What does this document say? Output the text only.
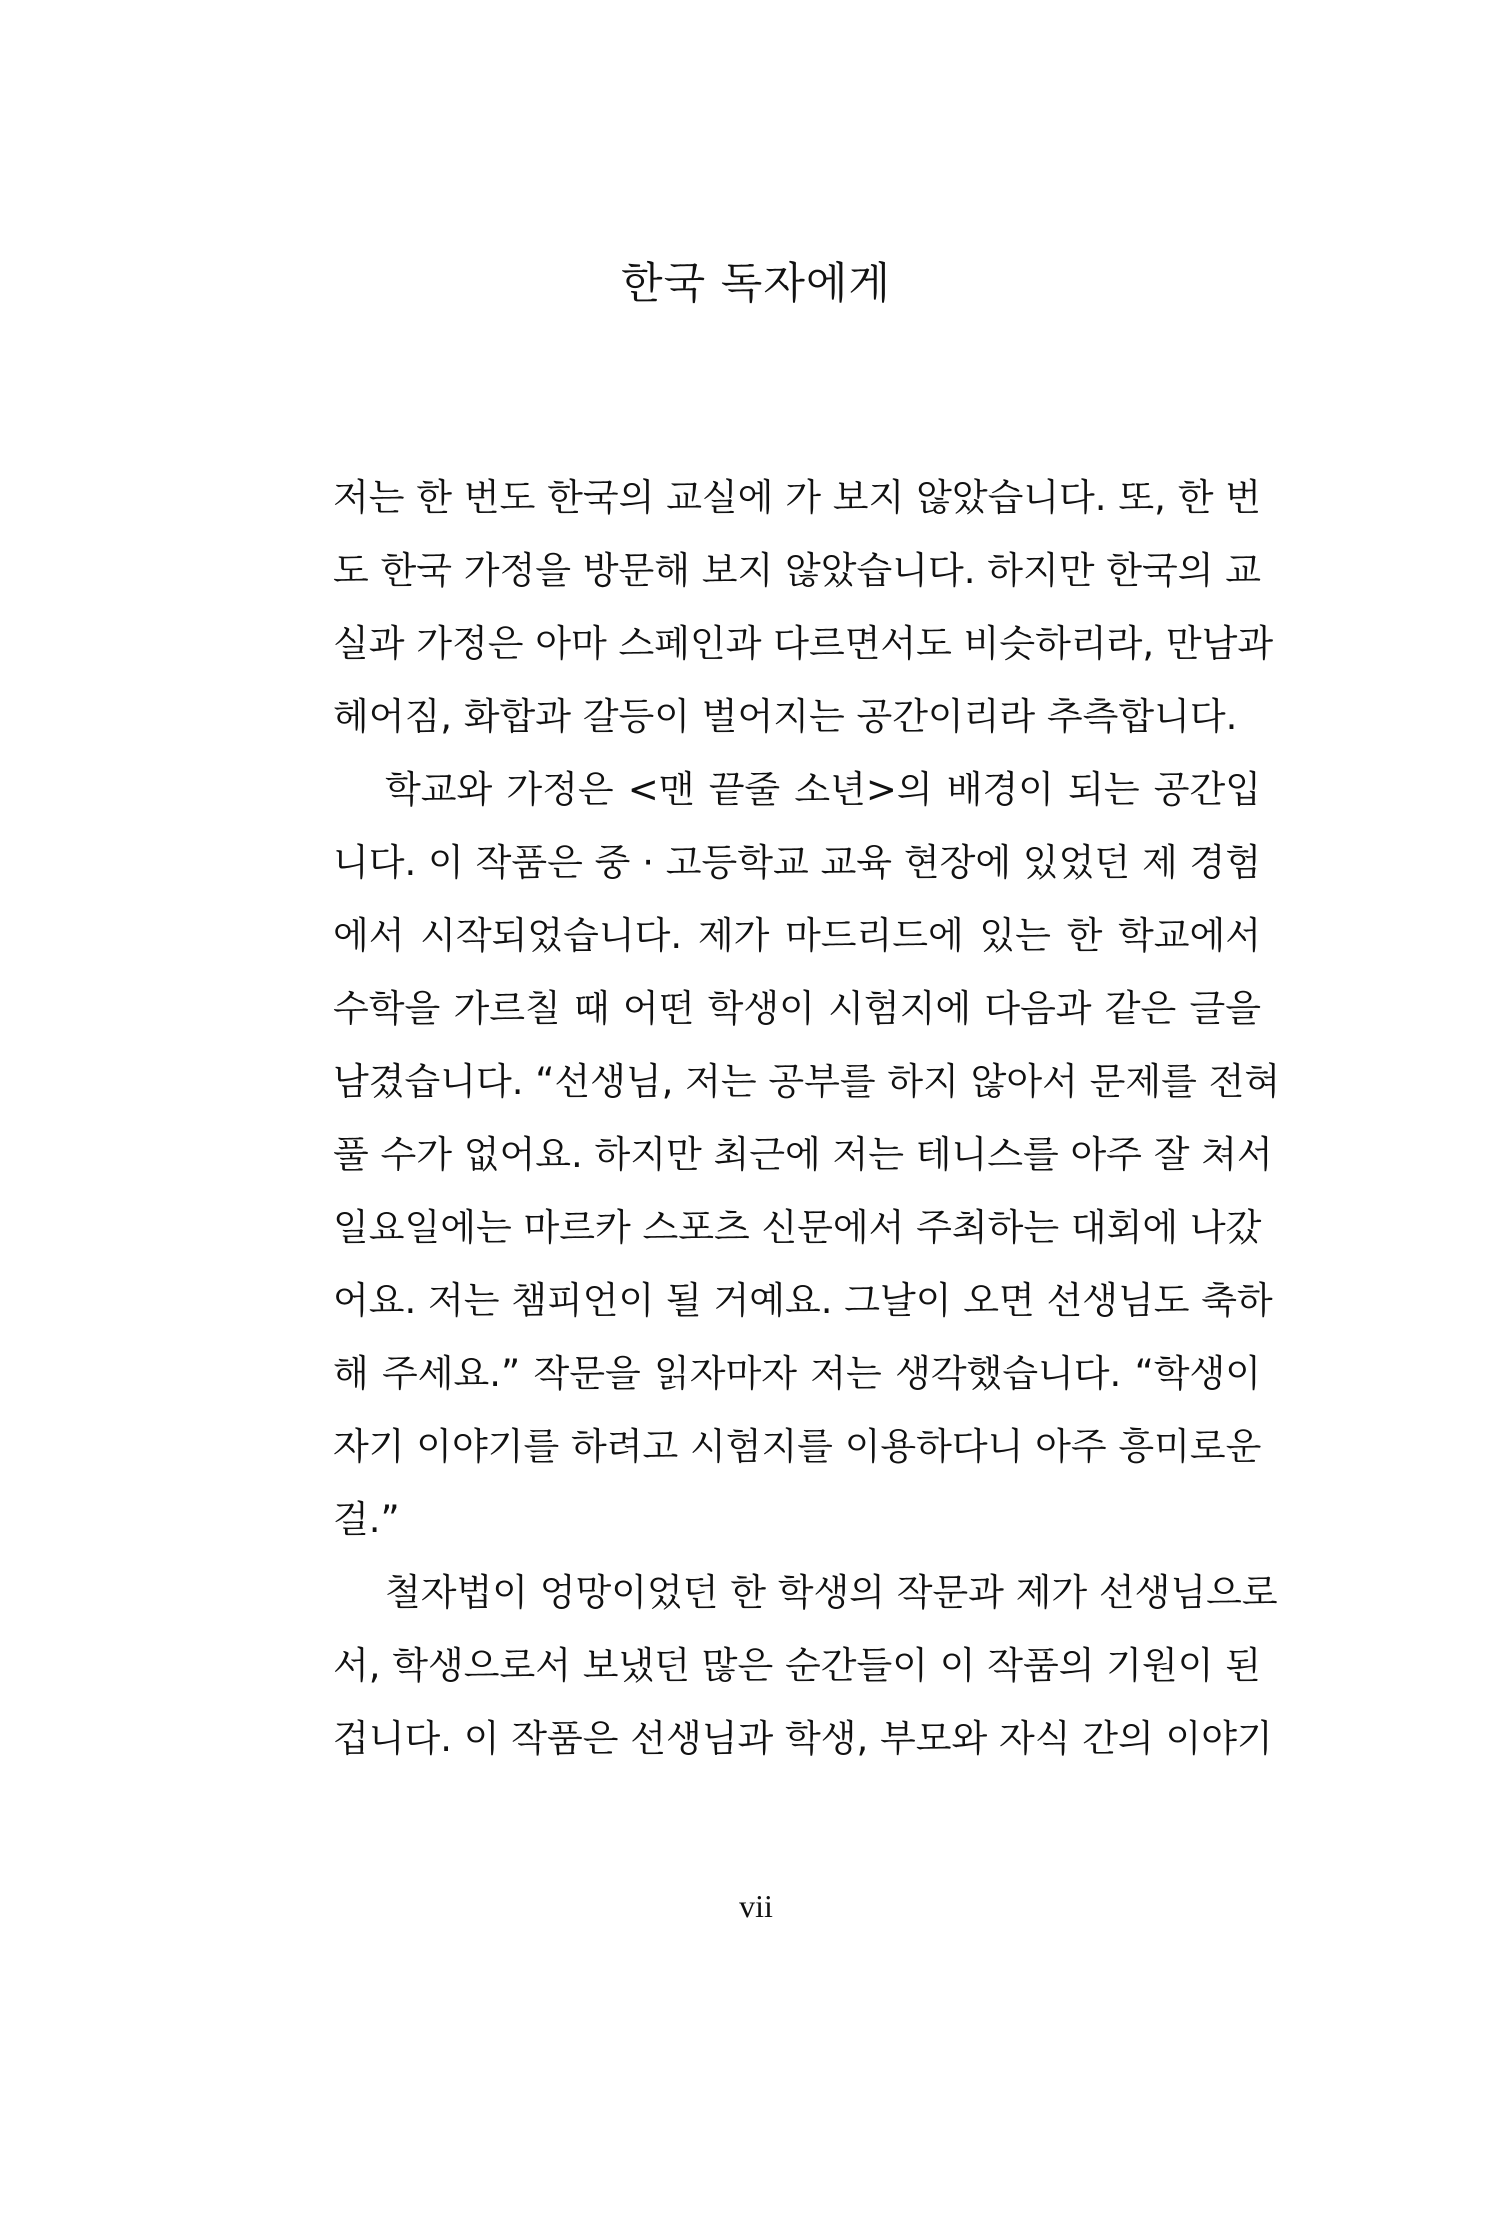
한국 독자에게
저는 한 번도 한국의 교실에 가 보지 않았습니다. 또, 한 번
도 한국 가정을 방문해 보지 않았습니다. 하지만 한국의 교
실과 가정은 아마 스페인과 다르면서도 비슷하리라, 만남과
헤어짐, 화합과 갈등이 벌어지는 공간이리라 추측합니다.
학교와 가정은 <맨 끝줄 소년>의 배경이 되는 공간입
니다. 이 작품은 중 · 고등학교 교육 현장에 있었던 제 경험
에서 시작되었습니다. 제가 마드리드에 있는 한 학교에서
수학을 가르칠 때 어떤 학생이 시험지에 다음과 같은 글을
남겼습니다. “선생님, 저는 공부를 하지 않아서 문제를 전혀
풀 수가 없어요. 하지만 최근에 저는 테니스를 아주 잘 쳐서
일요일에는 마르카 스포츠 신문에서 주최하는 대회에 나갔
어요. 저는 챔피언이 될 거예요. 그날이 오면 선생님도 축하
해 주세요.” 작문을 읽자마자 저는 생각했습니다. “학생이
자기 이야기를 하려고 시험지를 이용하다니 아주 흥미로운
걸.”
철자법이 엉망이었던 한 학생의 작문과 제가 선생님으로
서, 학생으로서 보냈던 많은 순간들이 이 작품의 기원이 된
겁니다. 이 작품은 선생님과 학생, 부모와 자식 간의 이야기
vii
